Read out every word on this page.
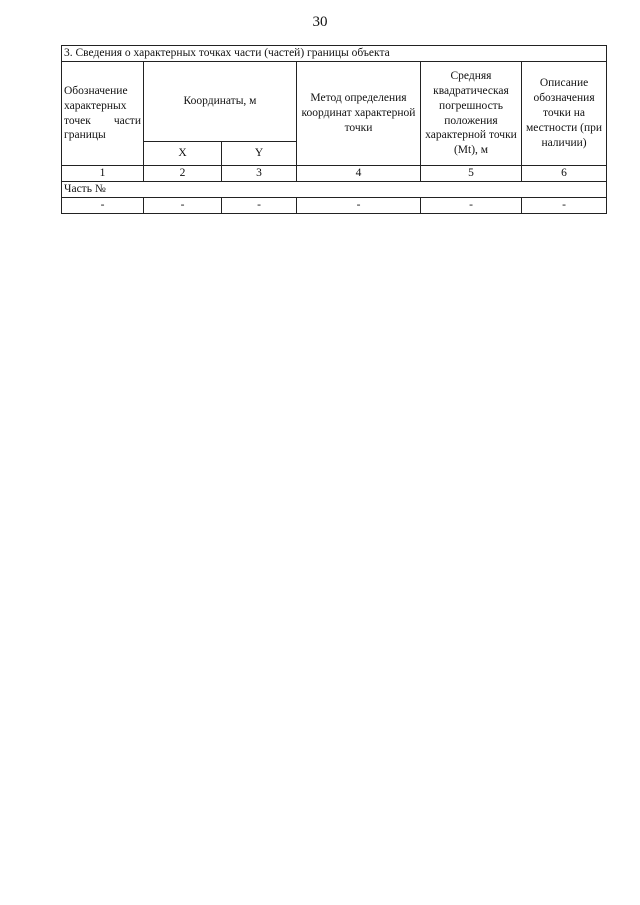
30
3. Сведения о характерных точках части (частей) границы объекта					
Обозначение характерных точек части границы	Координаты, м		Метод определения координат характерной точки	Средняя квадратическая погрешность положения характерной точки (Mt), м	Описание обозначения точки на местности (при наличии)
	X	Y			
1	2	3	4	5	6
Часть №					
-	-	-	-	-	-
